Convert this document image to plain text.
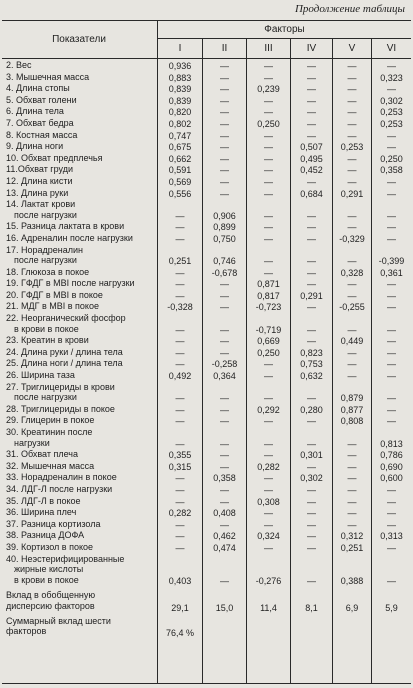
Продолжение таблицы
Показатели
Факторы
I	II	III	IV	V	VI
2. Вес	0,936	—	—	—	—	—
3. Мышечная масса	0,883	—	—	—	—	0,323
4. Длина стопы	0,839	—	0,239	—	—	—
5. Обхват голени	0,839	—	—	—	—	0,302
6. Длина тела	0,820	—	—	—	—	0,253
7. Обхват бедра	0,802	—	0,250	—	—	0,253
8. Костная масса	0,747	—	—	—	—	—
9. Длина ноги	0,675	—	—	0,507	0,253	—
10. Обхват предплечья	0,662	—	—	0,495	—	0,250
11.Обхват груди	0,591	—	—	0,452	—	0,358
12. Длина кисти	0,569	—	—	—	—	—
13. Длина руки	0,556	—	—	0,684	0,291	—
14. Лактат крови
после нагрузки	—	0,906	—	—	—	—
15. Разница лактата в крови	—	0,899	—	—	—	—
16. Адреналин после нагрузки	—	0,750	—	—	-0,329	—
17. Норадреналин
после нагрузки	0,251	0,746	—	—	—	-0,399
18. Глюкоза в покое	—	-0,678	—	—	0,328	0,361
19. ГФДГ в МВI после нагрузки	—	—	0,871	—	—	—
20. ГФДГ в МВI в покое	—	—	0,817	0,291	—	—
21. МДГ в МВI в покое	-0,328	—	-0,723	—	-0,255	—
22. Неорганический фосфор
в крови в покое	—	—	-0,719	—	—	—
23. Креатин в крови	—	—	0,669	—	0,449	—
24. Длина руки / длина тела	—	—	0,250	0,823	—	—
25. Длина ноги / длина тела	—	-0,258	—	0,753	—	—
26. Ширина таза	0,492	0,364	—	0,632	—	—
27. Триглицериды в крови
после нагрузки	—	—	—	—	0,879	—
28. Триглицериды в покое	—	—	0,292	0,280	0,877	—
29. Глицерин в покое	—	—	—	—	0,808	—
30. Креатинин после
нагрузки	—	—	—	—	—	0,813
31. Обхват плеча	0,355	—	—	0,301	—	0,786
32. Мышечная масса	0,315	—	0,282	—	—	0,690
33. Норадреналин в покое	—	0,358	—	0,302	—	0,600
34. ЛДГ-Л после нагрузки	—	—	—	—	—	—
35. ЛДГ-Л в покое	—	—	0,308	—	—	—
36. Ширина плеч	0,282	0,408	—	—	—	—
37. Разница кортизола	—	—	—	—	—	—
38. Разница ДОФА	—	0,462	0,324	—	0,312	0,313
39. Кортизол в покое	—	0,474	—	—	0,251	—
40. Неэстерифицированные
жирные кислоты
в крови в покое	0,403	—	-0,276	—	0,388	—
Вклад в обобщенную
дисперсию факторов	29,1	15,0	11,4	8,1	6,9	5,9
Суммарный вклад шести
факторов	76,4 %
